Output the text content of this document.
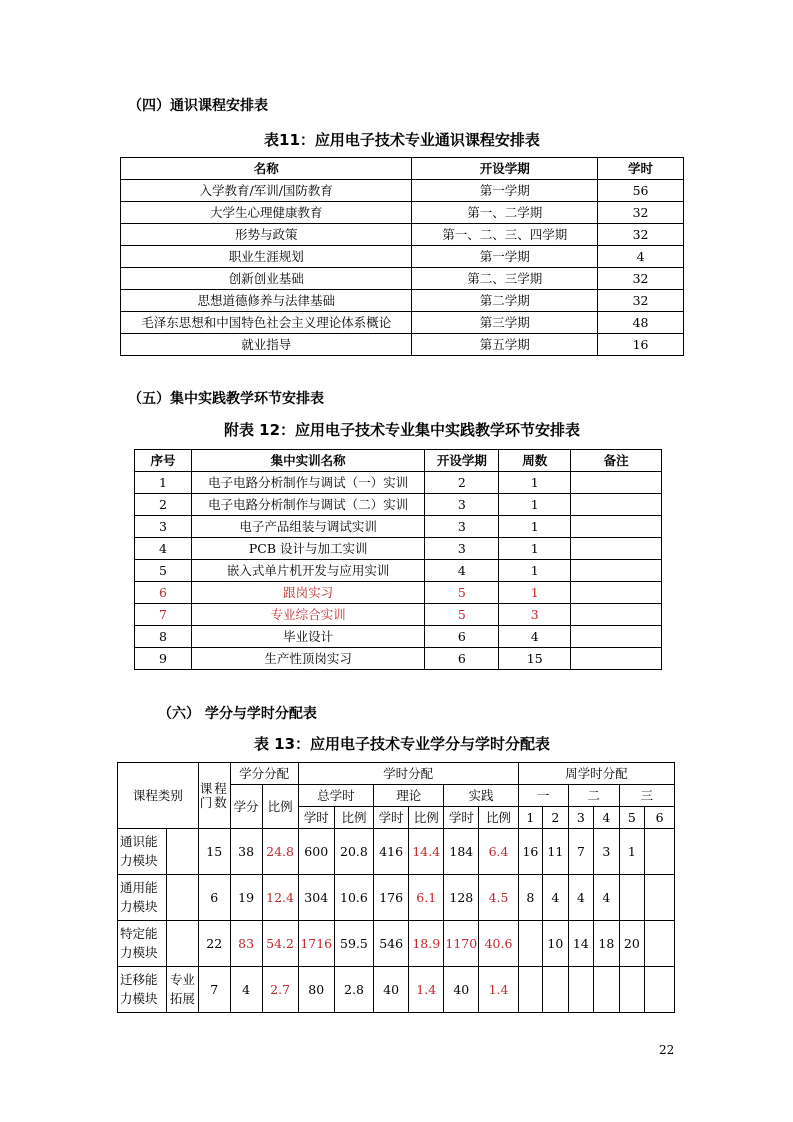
（四）通识课程安排表
表11：应用电子技术专业通识课程安排表
名称	开设学期	学时
入学教育/军训/国防教育	第一学期	56
大学生心理健康教育	第一、二学期	32
形势与政策	第一、二、三、四学期	32
职业生涯规划	第一学期	4
创新创业基础	第二、三学期	32
思想道德修养与法律基础	第二学期	32
毛泽东思想和中国特色社会主义理论体系概论	第三学期	48
就业指导	第五学期	16
（五）集中实践教学环节安排表
附表 12：应用电子技术专业集中实践教学环节安排表
序号	集中实训名称	开设学期	周数	备注
1	电子电路分析制作与调试（一）实训	2	1	
2	电子电路分析制作与调试（二）实训	3	1	
3	电子产品组装与调试实训	3	1	
4	PCB 设计与加工实训	3	1	
5	嵌入式单片机开发与应用实训	4	1	
6	跟岗实习	5	1	
7	专业综合实训	5	3	
8	毕业设计	6	4	
9	生产性顶岗实习	6	15	
（六） 学分与学时分配表
表 13：应用电子技术专业学分与学时分配表
课程类别		课程门数	学分分配		学时分配						周学时分配					
			学分	比例	总学时		理论		实践		一		二		三	
					学时	比例	学时	比例	学时	比例	1	2	3	4	5	6
通识能力模块		15	38	24.8	600	20.8	416	14.4	184	6.4	16	11	7	3	1	
通用能力模块		6	19	12.4	304	10.6	176	6.1	128	4.5	8	4	4	4		
特定能力模块		22	83	54.2	1716	59.5	546	18.9	1170	40.6		10	14	18	20	
迁移能力模块	专业拓展	7	4	2.7	80	2.8	40	1.4	40	1.4						
22
